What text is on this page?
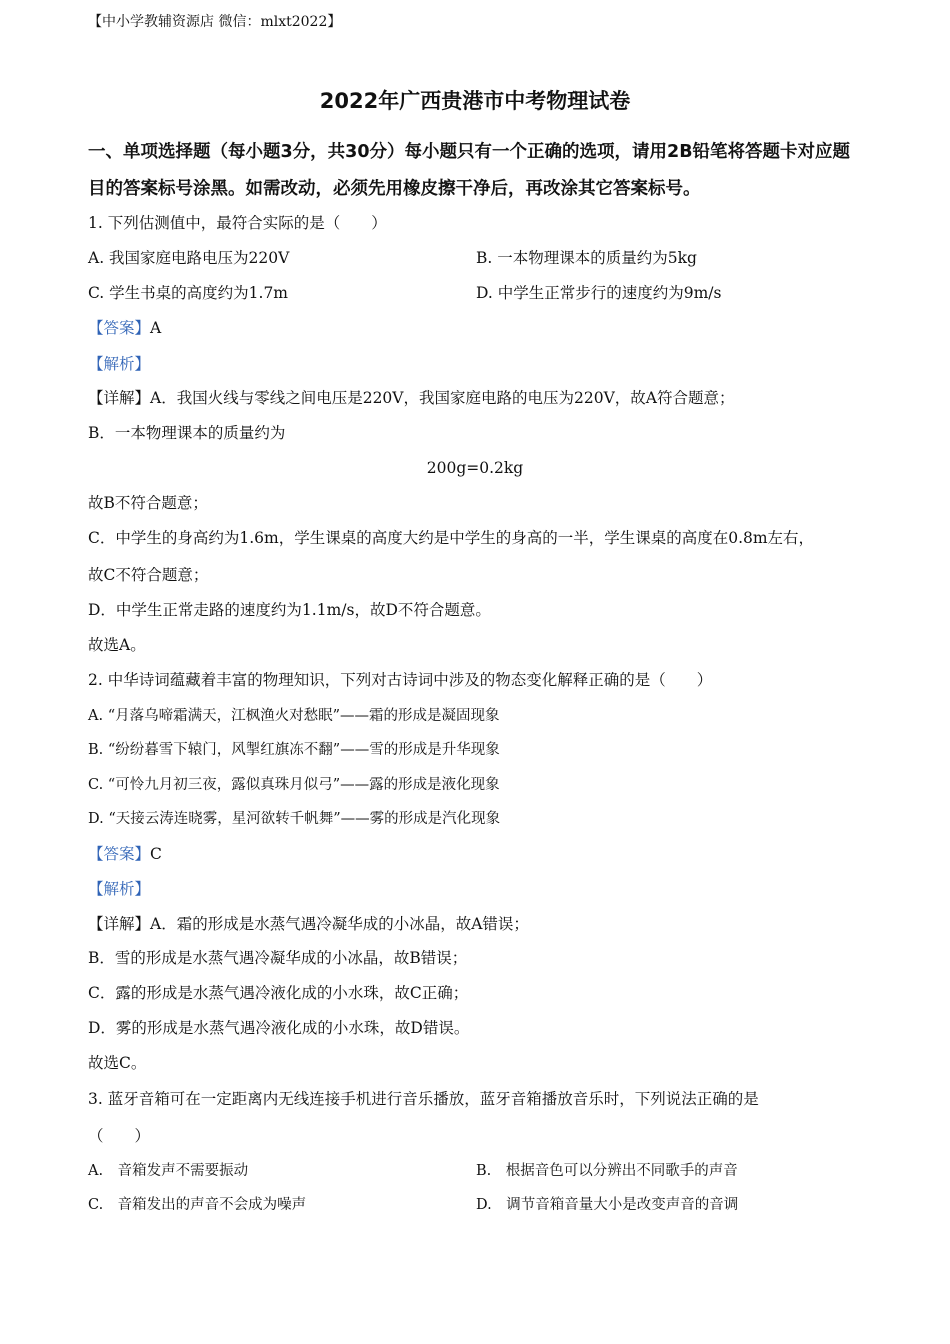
【中小学教辅资源店 微信：mlxt2022】
2022年广西贵港市中考物理试卷
一、单项选择题（每小题3分，共30分）每小题只有一个正确的选项，请用2B铅笔将答题卡对应题目的答案标号涂黑。如需改动，必须先用橡皮擦干净后，再改涂其它答案标号。
1. 下列估测值中，最符合实际的是（　　）
A. 我国家庭电路电压为220V	B. 一本物理课本的质量约为5kg
C. 学生书桌的高度约为1.7m	D. 中学生正常步行的速度约为9m/s
【答案】A
【解析】
【详解】A．我国火线与零线之间电压是220V，我国家庭电路的电压为220V，故A符合题意；
B．一本物理课本的质量约为
200g=0.2kg
故B不符合题意；
C．中学生的身高约为1.6m，学生课桌的高度大约是中学生的身高的一半，学生课桌的高度在0.8m左右，
故C不符合题意；
D．中学生正常走路的速度约为1.1m/s，故D不符合题意。
故选A。
2. 中华诗词蕴藏着丰富的物理知识，下列对古诗词中涉及的物态变化解释正确的是（　　）
A. “月落乌啼霜满天，江枫渔火对愁眠”——霜的形成是凝固现象
B. “纷纷暮雪下辕门，风掣红旗冻不翻”——雪的形成是升华现象
C. “可怜九月初三夜，露似真珠月似弓”——露的形成是液化现象
D. “天接云涛连晓雾，星河欲转千帆舞”——雾的形成是汽化现象
【答案】C
【解析】
【详解】A．霜的形成是水蒸气遇冷凝华成的小冰晶，故A错误；
B．雪的形成是水蒸气遇冷凝华成的小冰晶，故B错误；
C．露的形成是水蒸气遇冷液化成的小水珠，故C正确；
D．雾的形成是水蒸气遇冷液化成的小水珠，故D错误。
故选C。
3. 蓝牙音箱可在一定距离内无线连接手机进行音乐播放，蓝牙音箱播放音乐时，下列说法正确的是
（　　）
A.　音箱发声不需要振动	B.　根据音色可以分辨出不同歌手的声音
C.　音箱发出的声音不会成为噪声	D.　调节音箱音量大小是改变声音的音调
